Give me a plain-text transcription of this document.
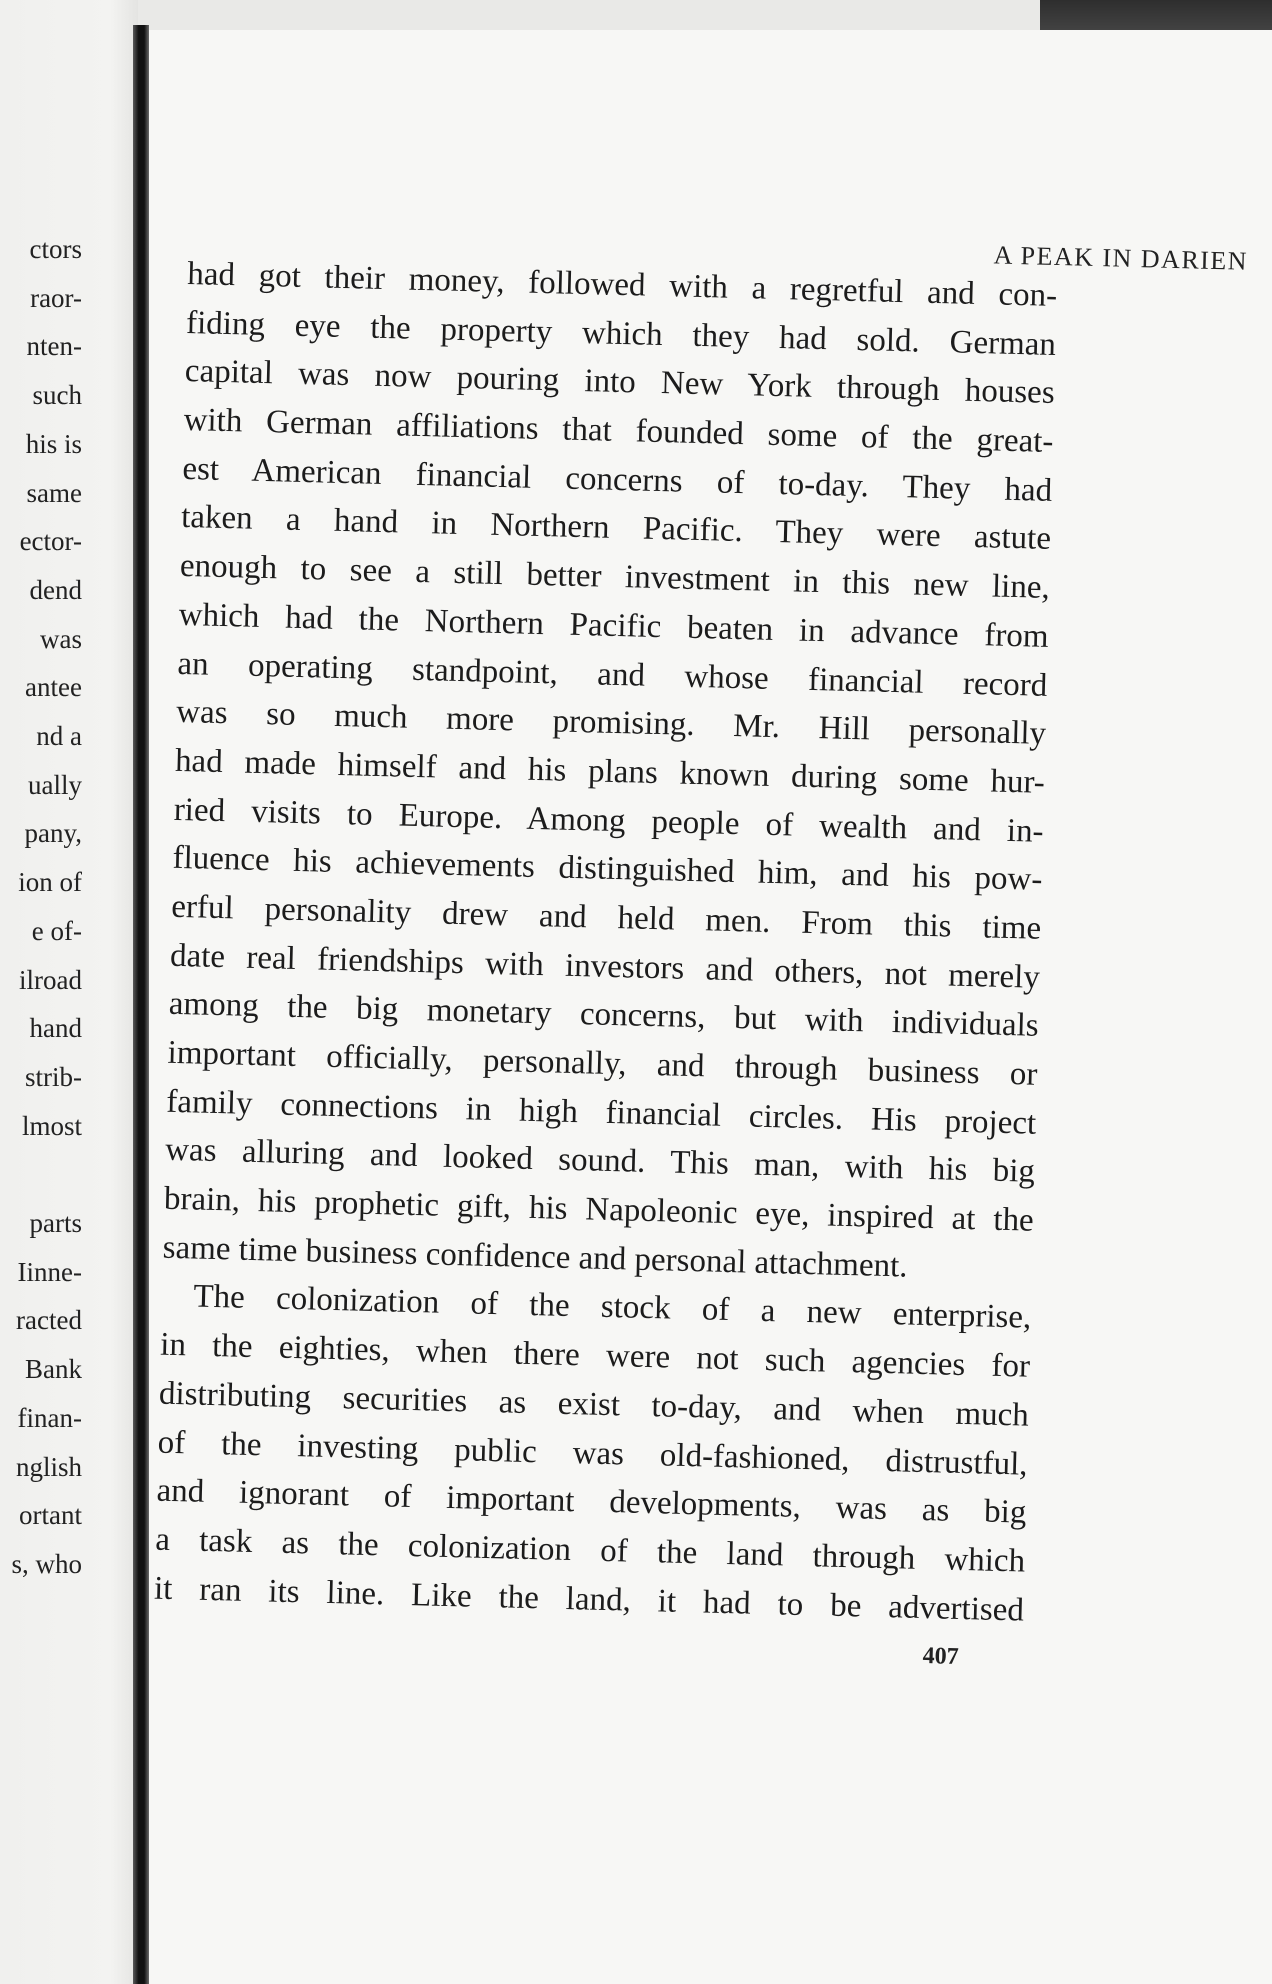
ctors
raor-
nten-
such
his is
same
ector-
dend
was
antee
nd a
ually
pany,
ion of
e of-
ilroad
hand
strib-
lmost
parts
Iinne-
racted
Bank
finan-
nglish
ortant
s, who
A PEAK IN DARIEN
had got their money, followed with a regretful and con-
fiding eye the property which they had sold. German
capital was now pouring into New York through houses
with German affiliations that founded some of the great-
est American financial concerns of to-day. They had
taken a hand in Northern Pacific. They were astute
enough to see a still better investment in this new line,
which had the Northern Pacific beaten in advance from
an operating standpoint, and whose financial record
was so much more promising. Mr. Hill personally
had made himself and his plans known during some hur-
ried visits to Europe. Among people of wealth and in-
fluence his achievements distinguished him, and his pow-
erful personality drew and held men. From this time
date real friendships with investors and others, not merely
among the big monetary concerns, but with individuals
important officially, personally, and through business or
family connections in high financial circles. His project
was alluring and looked sound. This man, with his big
brain, his prophetic gift, his Napoleonic eye, inspired at the
same time business confidence and personal attachment.
The colonization of the stock of a new enterprise,
in the eighties, when there were not such agencies for
distributing securities as exist to-day, and when much
of the investing public was old-fashioned, distrustful,
and ignorant of important developments, was as big
a task as the colonization of the land through which
it ran its line. Like the land, it had to be advertised
407
